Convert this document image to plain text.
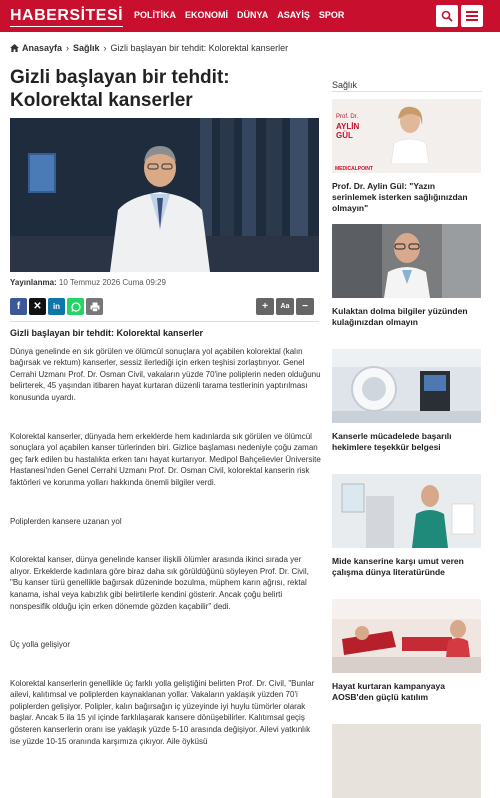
HABERSİTESİ POLİTİKA EKONOMİ DÜNYA ASAYİŞ SPOR
Anasayfa › Sağlık › Gizli başlayan bir tehdit: Kolorektal kanserler
Gizli başlayan bir tehdit: Kolorektal kanserler
Yayınlanma: 10 Temmuz 2026 Cuma 09:29
f ✕ in	+ Aa −
Gizli başlayan bir tehdit: Kolorektal kanserler

Dünya genelinde en sık görülen ve ölümcül sonuçlara yol açabilen kolorektal (kalın bağırsak ve rektum) kanserler, sessiz ilerlediği için erken teşhisi zorlaştırıyor. Genel Cerrahi Uzmanı Prof. Dr. Osman Civil, vakaların yüzde 70'ine poliplerin neden olduğunu belirterek, 45 yaşından itibaren hayat kurtaran düzenli tarama testlerinin yaptırılması konusunda uyardı.

Kolorektal kanserler, dünyada hem erkeklerde hem kadınlarda sık görülen ve ölümcül sonuçlara yol açabilen kanser türlerinden biri. Gizlice başlaması nedeniyle çoğu zaman geç fark edilen bu hastalıkta erken tanı hayat kurtarıyor. Medipol Bahçelievler Üniversite Hastanesi'nden Genel Cerrahi Uzmanı Prof. Dr. Osman Civil, kolorektal kanserin risk faktörleri ve korunma yolları hakkında önemli bilgiler verdi.

Poliplerden kansere uzanan yol

Kolorektal kanser, dünya genelinde kanser ilişkili ölümler arasında ikinci sırada yer alıyor. Erkeklerde kadınlara göre biraz daha sık görüldüğünü söyleyen Prof. Dr. Civil, "Bu kanser türü genellikle bağırsak düzeninde bozulma, müphem karın ağrısı, rektal kanama, ishal veya kabızlık gibi belirtilerle kendini gösterir. Ancak çoğu belirti nonspesifik olduğu için erken dönemde gözden kaçabilir" dedi.

Üç yolla gelişiyor

Kolorektal kanserlerin genellikle üç farklı yolla geliştiğini belirten Prof. Dr. Civil, "Bunlar ailevi, kalıtımsal ve poliplerden kaynaklanan yollar. Vakaların yaklaşık yüzden 70'i poliplerden gelişiyor. Polipler, kalın bağırsağın iç yüzeyinde iyi huylu tümörler olarak başlar. Ancak 5 ila 15 yıl içinde farklılaşarak kansere dönüşebilirler. Kalıtımsal geçiş gösteren kanserlerin oranı ise yaklaşık yüzde 5-10 arasında değişiyor. Ailevi yatkınlık ise yüzde 10-15 oranında karşımıza çıkıyor. Aile öyküsü

Sağlık
Prof. Dr.
AYLİN
GÜL
MEDICALPOINT
Prof. Dr. Aylin Gül: "Yazın serinlemek isterken sağlığınızdan olmayın"
Kulaktan dolma bilgiler yüzünden kulağınızdan olmayın
Kanserle mücadelede başarılı hekimlere teşekkür belgesi
Mide kanserine karşı umut veren çalışma dünya literatüründe
Hayat kurtaran kampanyaya AOSB'den güçlü katılım
